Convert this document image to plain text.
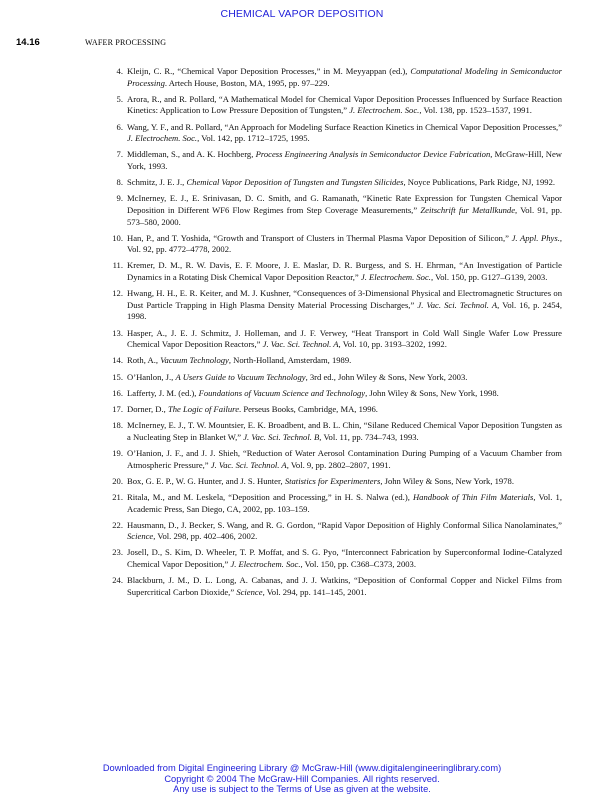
CHEMICAL VAPOR DEPOSITION
14.16	WAFER PROCESSING
4. Kleijn, C. R., “Chemical Vapor Deposition Processes,” in M. Meyyappan (ed.), Computational Modeling in Semiconductor Processing. Artech House, Boston, MA, 1995, pp. 97–229.
5. Arora, R., and R. Pollard, “A Mathematical Model for Chemical Vapor Deposition Processes Influenced by Surface Reaction Kinetics: Application to Low Pressure Deposition of Tungsten,” J. Electrochem. Soc., Vol. 138, pp. 1523–1537, 1991.
6. Wang, Y. F., and R. Pollard, “An Approach for Modeling Surface Reaction Kinetics in Chemical Vapor Deposition Processes,” J. Electrochem. Soc., Vol. 142, pp. 1712–1725, 1995.
7. Middleman, S., and A. K. Hochberg, Process Engineering Analysis in Semiconductor Device Fabrication, McGraw-Hill, New York, 1993.
8. Schmitz, J. E. J., Chemical Vapor Deposition of Tungsten and Tungsten Silicides, Noyce Publications, Park Ridge, NJ, 1992.
9. McInerney, E. J., E. Srinivasan, D. C. Smith, and G. Ramanath, “Kinetic Rate Expression for Tungsten Chemical Vapor Deposition in Different WF6 Flow Regimes from Step Coverage Measurements,” Zeitschrift fur Metallkunde, Vol. 91, pp. 573–580, 2000.
10. Han, P., and T. Yoshida, “Growth and Transport of Clusters in Thermal Plasma Vapor Deposition of Silicon,” J. Appl. Phys., Vol. 92, pp. 4772–4778, 2002.
11. Kremer, D. M., R. W. Davis, E. F. Moore, J. E. Maslar, D. R. Burgess, and S. H. Ehrman, “An Investigation of Particle Dynamics in a Rotating Disk Chemical Vapor Deposition Reactor,” J. Electrochem. Soc., Vol. 150, pp. G127–G139, 2003.
12. Hwang, H. H., E. R. Keiter, and M. J. Kushner, “Consequences of 3-Dimensional Physical and Electromagnetic Structures on Dust Particle Trapping in High Plasma Density Material Processing Discharges,” J. Vac. Sci. Technol. A, Vol. 16, p. 2454, 1998.
13. Hasper, A., J. E. J. Schmitz, J. Holleman, and J. F. Verwey, “Heat Transport in Cold Wall Single Wafer Low Pressure Chemical Vapor Deposition Reactors,” J. Vac. Sci. Technol. A, Vol. 10, pp. 3193–3202, 1992.
14. Roth, A., Vacuum Technology, North-Holland, Amsterdam, 1989.
15. O’Hanlon, J., A Users Guide to Vacuum Technology, 3rd ed., John Wiley & Sons, New York, 2003.
16. Lafferty, J. M. (ed.), Foundations of Vacuum Science and Technology, John Wiley & Sons, New York, 1998.
17. Dorner, D., The Logic of Failure. Perseus Books, Cambridge, MA, 1996.
18. McInerney, E. J., T. W. Mountsier, E. K. Broadbent, and B. L. Chin, “Silane Reduced Chemical Vapor Deposition Tungsten as a Nucleating Step in Blanket W,” J. Vac. Sci. Technol. B, Vol. 11, pp. 734–743, 1993.
19. O’Hanion, J. F., and J. J. Shieh, “Reduction of Water Aerosol Contamination During Pumping of a Vacuum Chamber from Atmospheric Pressure,” J. Vac. Sci. Technol. A, Vol. 9, pp. 2802–2807, 1991.
20. Box, G. E. P., W. G. Hunter, and J. S. Hunter, Statistics for Experimenters, John Wiley & Sons, New York, 1978.
21. Ritala, M., and M. Leskela, “Deposition and Processing,” in H. S. Nalwa (ed.), Handbook of Thin Film Materials, Vol. 1, Academic Press, San Diego, CA, 2002, pp. 103–159.
22. Hausmann, D., J. Becker, S. Wang, and R. G. Gordon, “Rapid Vapor Deposition of Highly Conformal Silica Nanolaminates,” Science, Vol. 298, pp. 402–406, 2002.
23. Josell, D., S. Kim, D. Wheeler, T. P. Moffat, and S. G. Pyo, “Interconnect Fabrication by Superconformal Iodine-Catalyzed Chemical Vapor Deposition,” J. Electrochem. Soc., Vol. 150, pp. C368–C373, 2003.
24. Blackburn, J. M., D. L. Long, A. Cabanas, and J. J. Watkins, “Deposition of Conformal Copper and Nickel Films from Supercritical Carbon Dioxide,” Science, Vol. 294, pp. 141–145, 2001.
Downloaded from Digital Engineering Library @ McGraw-Hill (www.digitalengineeringlibrary.com)
Copyright © 2004 The McGraw-Hill Companies. All rights reserved.
Any use is subject to the Terms of Use as given at the website.
